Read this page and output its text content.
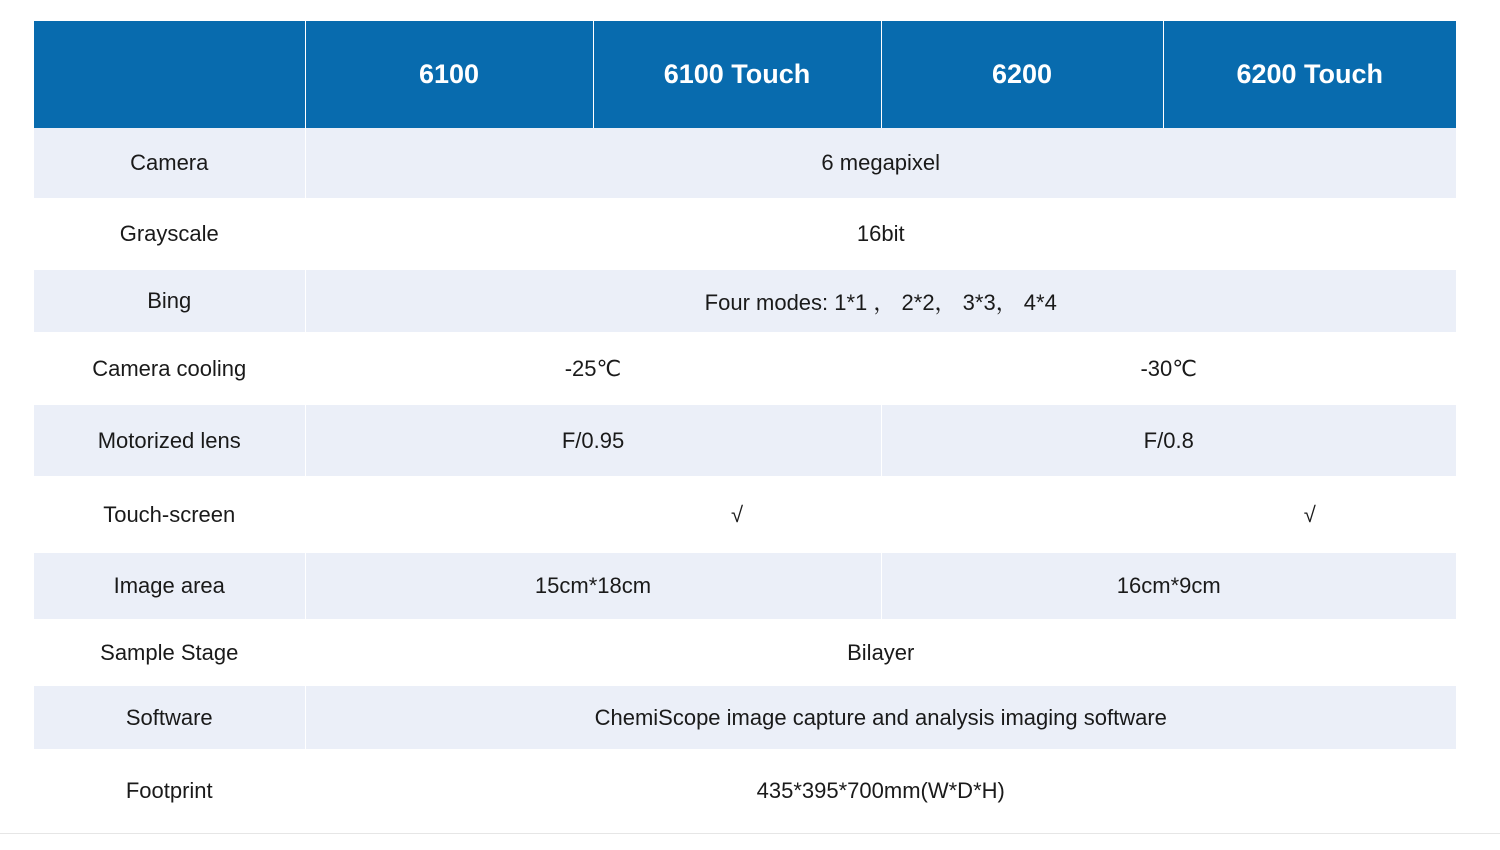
	6100	6100 Touch	6200	6200 Touch
Camera	6 megapixel			
Grayscale	16bit			
Bing	Four modes: 1*1 ， 2*2， 3*3， 4*4			
Camera cooling	-25℃		-30℃	
Motorized lens	F/0.95		F/0.8	
Touch-screen		√		√
Image area	15cm*18cm		16cm*9cm	
Sample Stage	Bilayer			
Software	ChemiScope image capture and analysis imaging software			
Footprint	435*395*700mm(W*D*H)			
